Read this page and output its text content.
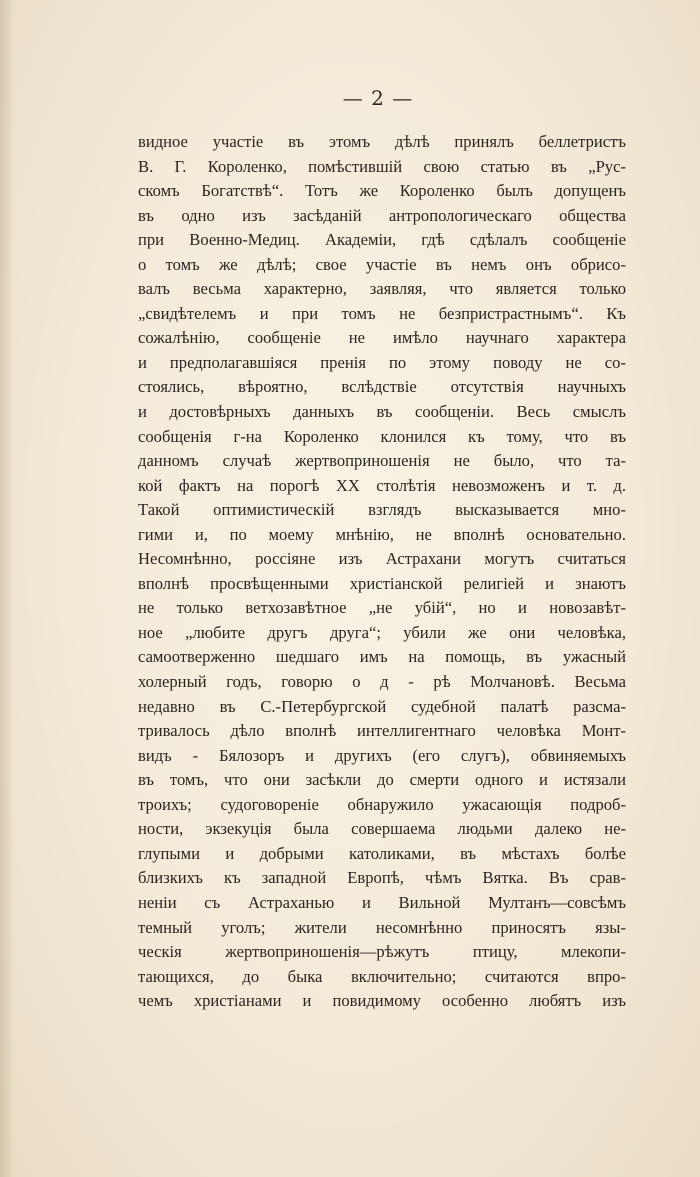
— 2 —
видное участіе въ этомъ дѣлѣ принялъ беллетристъ
В. Г. Короленко, помѣстившій свою статью въ „Рус-
скомъ Богатствѣ“. Тотъ же Короленко былъ допущенъ
въ одно изъ засѣданій антропологическаго общества
при Военно-Медиц. Академіи, гдѣ сдѣлалъ сообщеніе
о томъ же дѣлѣ; свое участіе въ немъ онъ обрисо-
валъ весьма характерно, заявляя, что является только
„свидѣтелемъ и при томъ не безпристрастнымъ“. Къ
сожалѣнію, сообщеніе не имѣло научнаго характера
и предполагавшіяся пренія по этому поводу не со-
стоялись, вѣроятно, вслѣдствіе отсутствія научныхъ
и достовѣрныхъ данныхъ въ сообщеніи. Весь смыслъ
сообщенія г-на Короленко клонился къ тому, что въ
данномъ случаѣ жертвоприношенія не было, что та-
кой фактъ на порогѣ XX столѣтія невозможенъ и т. д.
Такой оптимистическій взглядъ высказывается мно-
гими и, по моему мнѣнію, не вполнѣ основательно.
Несомнѣнно, россіяне изъ Астрахани могутъ считаться
вполнѣ просвѣщенными христіанской религіей и знаютъ
не только ветхозавѣтное „не убій“, но и новозавѣт-
ное „любите другъ друга“; убили же они человѣка,
самоотверженно шедшаго имъ на помощь, въ ужасный
холерный годъ, говорю о д - рѣ Молчановѣ. Весьма
недавно въ С.-Петербургской судебной палатѣ разсма-
тривалось дѣло вполнѣ интеллигентнаго человѣка Монт-
видъ - Бялозоръ и другихъ (его слугъ), обвиняемыхъ
въ томъ, что они засѣкли до смерти одного и истязали
троихъ; судоговореніе обнаружило ужасающія подроб-
ности, экзекуція была совершаема людьми далеко не-
глупыми и добрыми католиками, въ мѣстахъ болѣе
близкихъ къ западной Европѣ, чѣмъ Вятка. Въ срав-
неніи съ Астраханью и Вильной Мултанъ—совсѣмъ
темный уголъ; жители несомнѣнно приносятъ язы-
ческія жертвоприношенія—рѣжутъ птицу, млекопи-
тающихся, до быка включительно; считаются впро-
чемъ христіанами и повидимому особенно любятъ изъ
